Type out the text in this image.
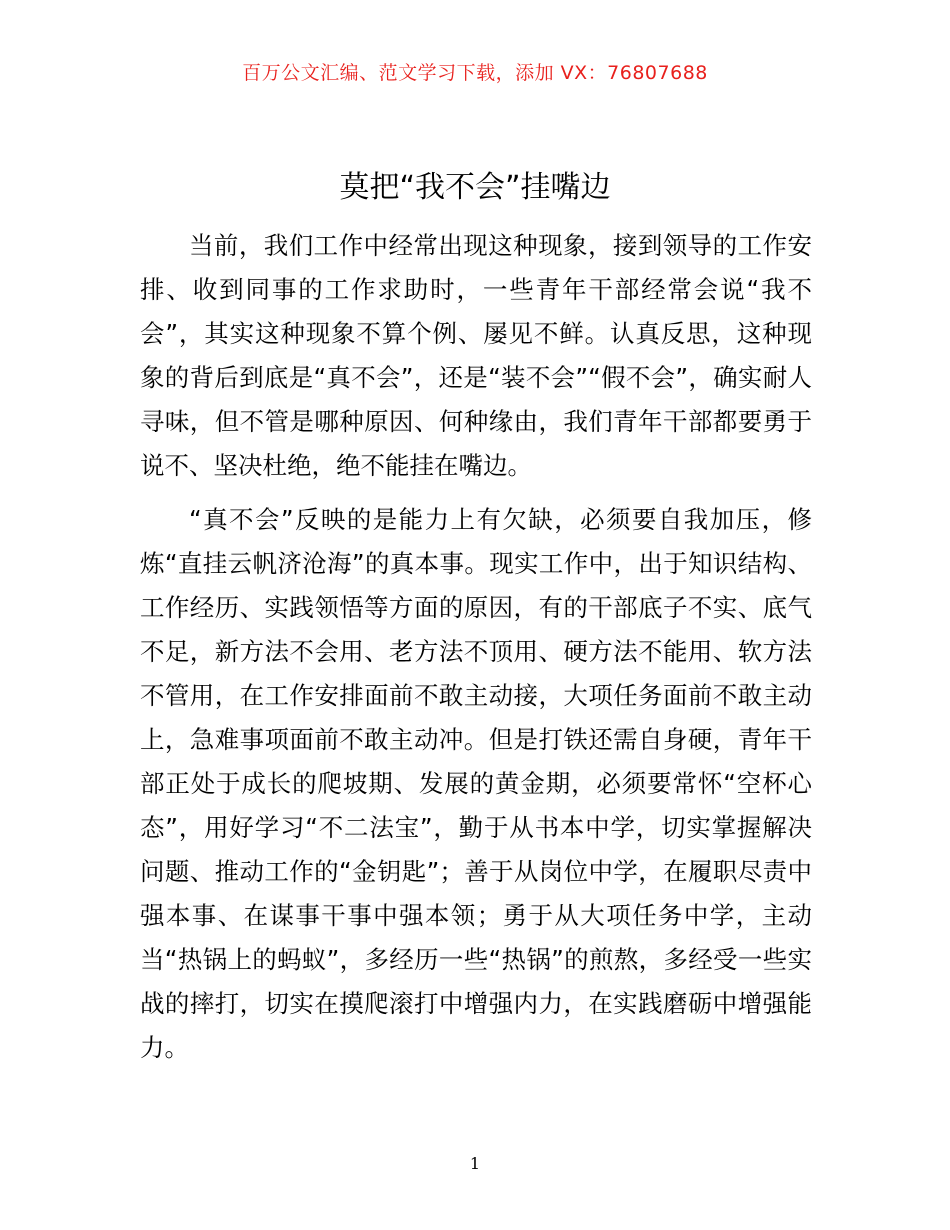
百万公文汇编、范文学习下载，添加 VX：76807688
莫把“我不会”挂嘴边

当前，我们工作中经常出现这种现象，接到领导的工作安排、收到同事的工作求助时，一些青年干部经常会说“我不会”，其实这种现象不算个例、屡见不鲜。认真反思，这种现象的背后到底是“真不会”，还是“装不会”“假不会”，确实耐人寻味，但不管是哪种原因、何种缘由，我们青年干部都要勇于说不、坚决杜绝，绝不能挂在嘴边。

“真不会”反映的是能力上有欠缺，必须要自我加压，修炼“直挂云帆济沧海”的真本事。现实工作中，出于知识结构、工作经历、实践领悟等方面的原因，有的干部底子不实、底气不足，新方法不会用、老方法不顶用、硬方法不能用、软方法不管用，在工作安排面前不敢主动接，大项任务面前不敢主动上，急难事项面前不敢主动冲。但是打铁还需自身硬，青年干部正处于成长的爬坡期、发展的黄金期，必须要常怀“空杯心态”，用好学习“不二法宝”，勤于从书本中学，切实掌握解决问题、推动工作的“金钥匙”；善于从岗位中学，在履职尽责中强本事、在谋事干事中强本领；勇于从大项任务中学，主动当“热锅上的蚂蚁”，多经历一些“热锅”的煎熬，多经受一些实战的摔打，切实在摸爬滚打中增强内力，在实践磨砺中增强能力。

1
